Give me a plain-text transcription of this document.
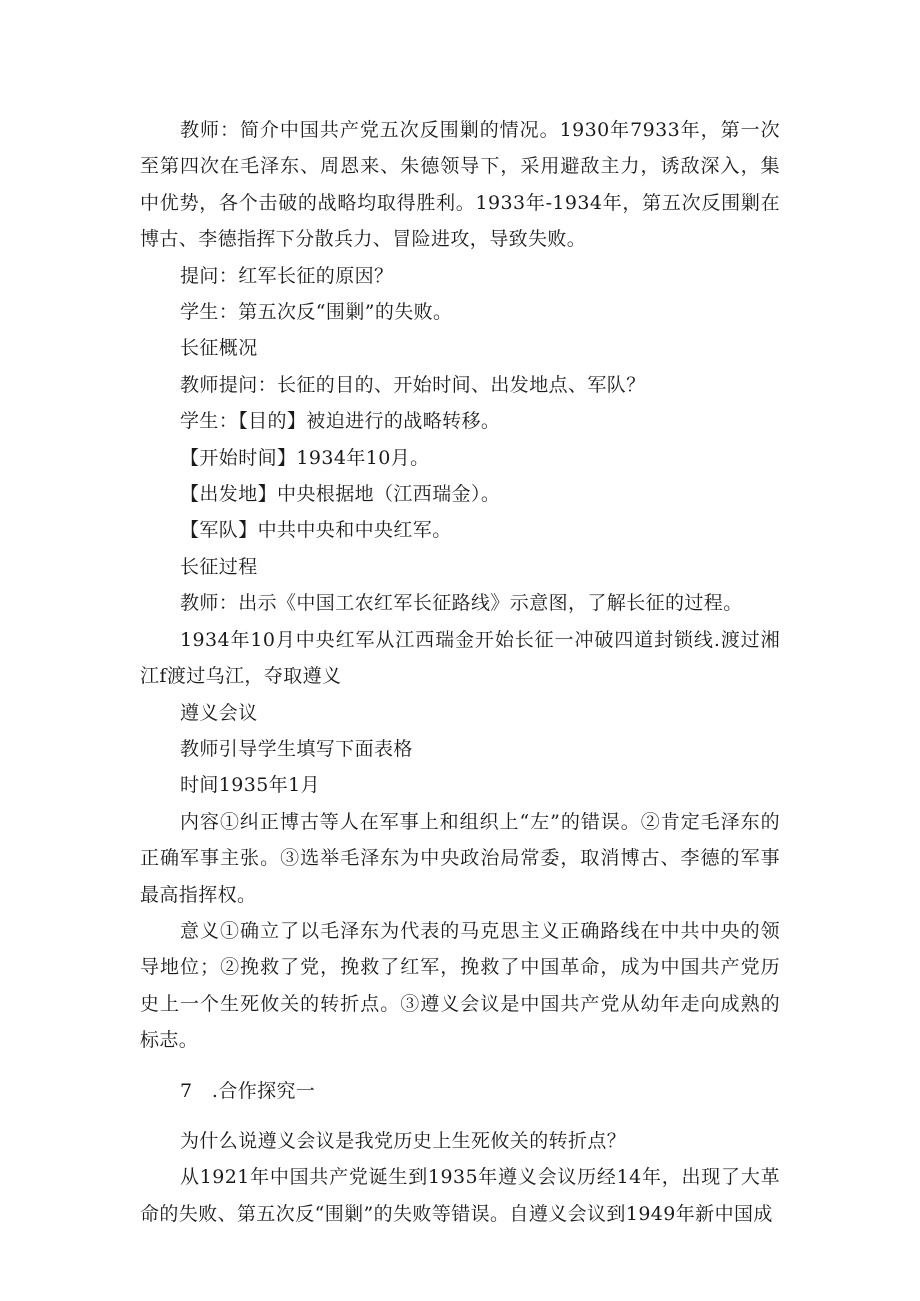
教师：简介中国共产党五次反围剿的情况。1930年7933年，第一次至第四次在毛泽东、周恩来、朱德领导下，采用避敌主力，诱敌深入，集中优势，各个击破的战略均取得胜利。1933年-1934年，第五次反围剿在博古、李德指挥下分散兵力、冒险进攻，导致失败。

提问：红军长征的原因？

学生：第五次反“围剿”的失败。

长征概况

教师提问：长征的目的、开始时间、出发地点、军队？

学生：【目的】被迫进行的战略转移。

【开始时间】1934年10月。

【出发地】中央根据地（江西瑞金）。

【军队】中共中央和中央红军。

长征过程

教师：出示《中国工农红军长征路线》示意图，了解长征的过程。

1934年10月中央红军从江西瑞金开始长征一冲破四道封锁线.渡过湘江f渡过乌江，夺取遵义

遵义会议

教师引导学生填写下面表格

时间1935年1月

内容①纠正博古等人在军事上和组织上“左”的错误。②肯定毛泽东的正确军事主张。③选举毛泽东为中央政治局常委，取消博古、李德的军事最高指挥权。

意义①确立了以毛泽东为代表的马克思主义正确路线在中共中央的领导地位；②挽救了党，挽救了红军，挽救了中国革命，成为中国共产党历史上一个生死攸关的转折点。③遵义会议是中国共产党从幼年走向成熟的标志。

7　.合作探究一

为什么说遵义会议是我党历史上生死攸关的转折点？

从1921年中国共产党诞生到1935年遵义会议历经14年，出现了大革命的失败、第五次反“围剿”的失败等错误。自遵义会议到1949年新中国成
